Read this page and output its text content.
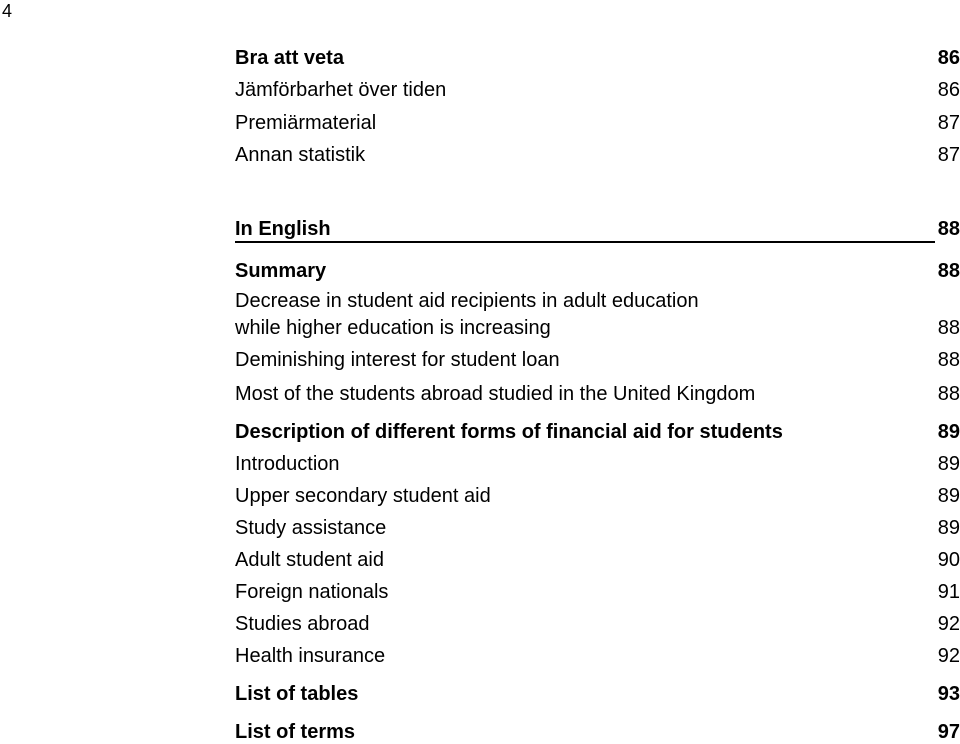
4
Bra att veta	86
Jämförbarhet över tiden	86
Premiärmaterial	87
Annan statistik	87
In English	88
Summary	88
Decrease in student aid recipients in adult education
while higher education is increasing	88
Deminishing interest for student loan	88
Most of the students abroad studied in the United Kingdom	88
Description of different forms of financial aid for students	89
Introduction	89
Upper secondary student aid	89
Study assistance	89
Adult student aid	90
Foreign nationals	91
Studies abroad	92
Health insurance	92
List of tables	93
List of terms	97
